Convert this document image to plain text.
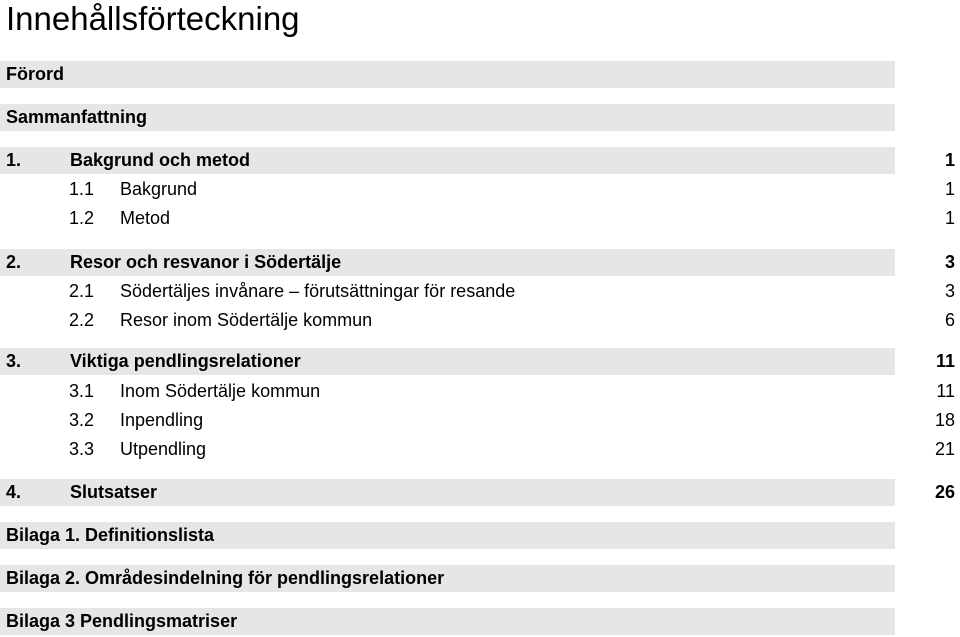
Innehållsförteckning
Förord
Sammanfattning
1.	Bakgrund och metod	1
1.1 Bakgrund	1
1.2 Metod	1
2.	Resor och resvanor i Södertälje	3
2.1 Södertäljes invånare – förutsättningar för resande	3
2.2 Resor inom Södertälje kommun	6
3.	Viktiga pendlingsrelationer	11
3.1 Inom Södertälje kommun	11
3.2 Inpendling	18
3.3 Utpendling	21
4.	Slutsatser	26
Bilaga 1. Definitionslista
Bilaga 2. Områdesindelning för pendlingsrelationer
Bilaga 3 Pendlingsmatriser
